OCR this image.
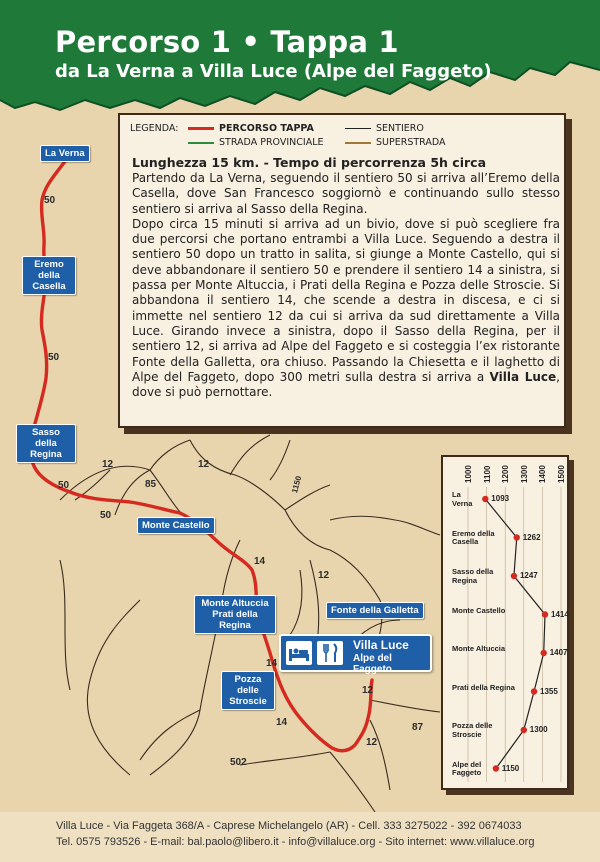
Percorso 1 • Tappa 1
da La Verna a Villa Luce (Alpe del Faggeto)
La Verna
Eremo della Casella
Sasso della Regina
Monte Castello
Monte Altuccia Prati della Regina
Fonte della Galletta
Pozza delle Stroscie
50
50
50
50
12
85
12
1150
14
12
14
12
14
12
87
502
Villa Luce
Alpe del Faggeto
LEGENDA:	PERCORSO TAPPA
STRADA PROVINCIALE
SENTIERO
SUPERSTRADA
Lunghezza 15 km. - Tempo di percorrenza 5h circa
Partendo da La Verna, seguendo il sentiero 50 si arriva all’Eremo della Casella, dove San Francesco soggiornò e continuando sullo stesso sentiero si arriva al Sasso della Regina.
Dopo circa 15 minuti si arriva ad un bivio, dove si può scegliere fra due percorsi che portano entrambi a Villa Luce. Seguendo a destra il sentiero 50 dopo un tratto in salita, si giunge a Monte Castello, qui si deve abbandonare il sentiero 50 e prendere il sentiero 14 a sinistra, si passa per Monte Altuccia, i Prati della Regina e Pozza delle Stroscie. Si abbandona il sentiero 14, che scende a destra in discesa, e ci si immette nel sentiero 12 da cui si arriva da sud direttamente a Villa Luce. Girando invece a sinistra, dopo il Sasso della Regina, per il sentiero 12, si arriva ad Alpe del Faggeto e si costeggia l’ex ristorante Fonte della Galletta, ora chiuso. Passando la Chiesetta e il laghetto di Alpe del Faggeto, dopo 300 metri sulla destra si arriva a Villa Luce, dove si può pernottare.
1000 1100 1200 1300 1400 1500
La Verna	1093
Eremo della Casella	1262
Sasso della Regina	1247
Monte Castello	1414
Monte Altuccia	1407
Prati della Regina	1355
Pozza delle Stroscie	1300
Alpe del Faggeto	1150
Villa Luce - Via Faggeta 368/A - Caprese Michelangelo (AR) - Cell. 333 3275022 - 392 0674033
Tel. 0575 793526 - E-mail: bal.paolo@libero.it - info@villaluce.org - Sito internet: www.villaluce.org
